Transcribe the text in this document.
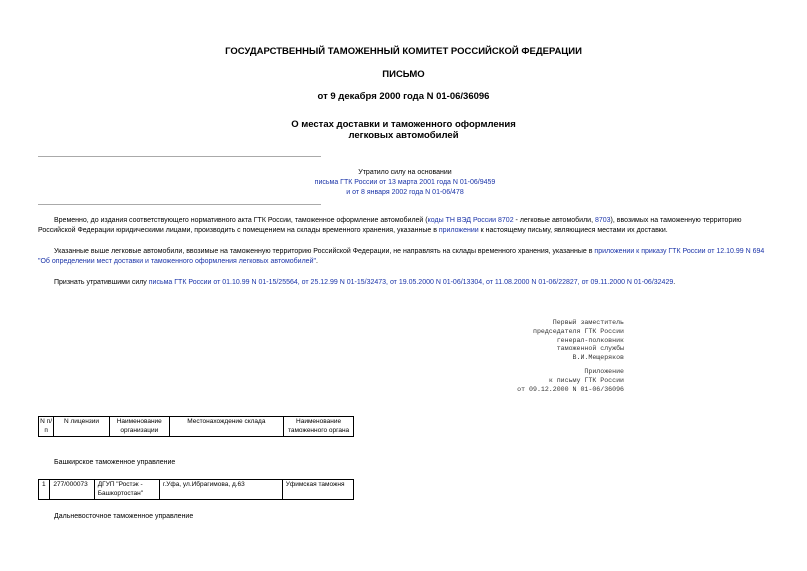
ГОСУДАРСТВЕННЫЙ ТАМОЖЕННЫЙ КОМИТЕТ РОССИЙСКОЙ ФЕДЕРАЦИИ
ПИСЬМО
от 9 декабря 2000 года N 01-06/36096
О местах доставки и таможенного оформления
легковых автомобилей
Утратило силу на основании
письма ГТК России от 13 марта 2001 года N 01-06/9459
и от 8 января 2002 года N 01-06/478
Временно, до издания соответствующего нормативного акта ГТК России, таможенное оформление автомобилей (коды ТН ВЭД России 8702 - легковые автомобили, 8703), ввозимых на таможенную территорию Российской Федерации юридическими лицами, производить с помещением на склады временного хранения, указанные в приложении к настоящему письму, являющиеся местами их доставки.
Указанные выше легковые автомобили, ввозимые на таможенную территорию Российской Федерации, не направлять на склады временного хранения, указанные в приложении к приказу ГТК России от 12.10.99 N 694 "Об определении мест доставки и таможенного оформления легковых автомобилей".
Признать утратившими силу письма ГТК России от 01.10.99 N 01-15/25564, от 25.12.99 N 01-15/32473, от 19.05.2000 N 01-06/13304, от 11.08.2000 N 01-06/22827, от 09.11.2000 N 01-06/32429.
Первый заместитель
председателя ГТК России
генерал-полковник
таможенной службы
В.И.Мещеряков
Приложение
к письму ГТК России
от 09.12.2000 N 01-06/36096
N п/п	N лицензии	Наименование организации	Местонахождение склада	Наименование таможенного органа
Башкирское таможенное управление
1	277/000073	ДГУП "Ростэк - Башкортостан"	г.Уфа, ул.Ибрагимова, д.63	Уфимская таможня
Дальневосточное таможенное управление
